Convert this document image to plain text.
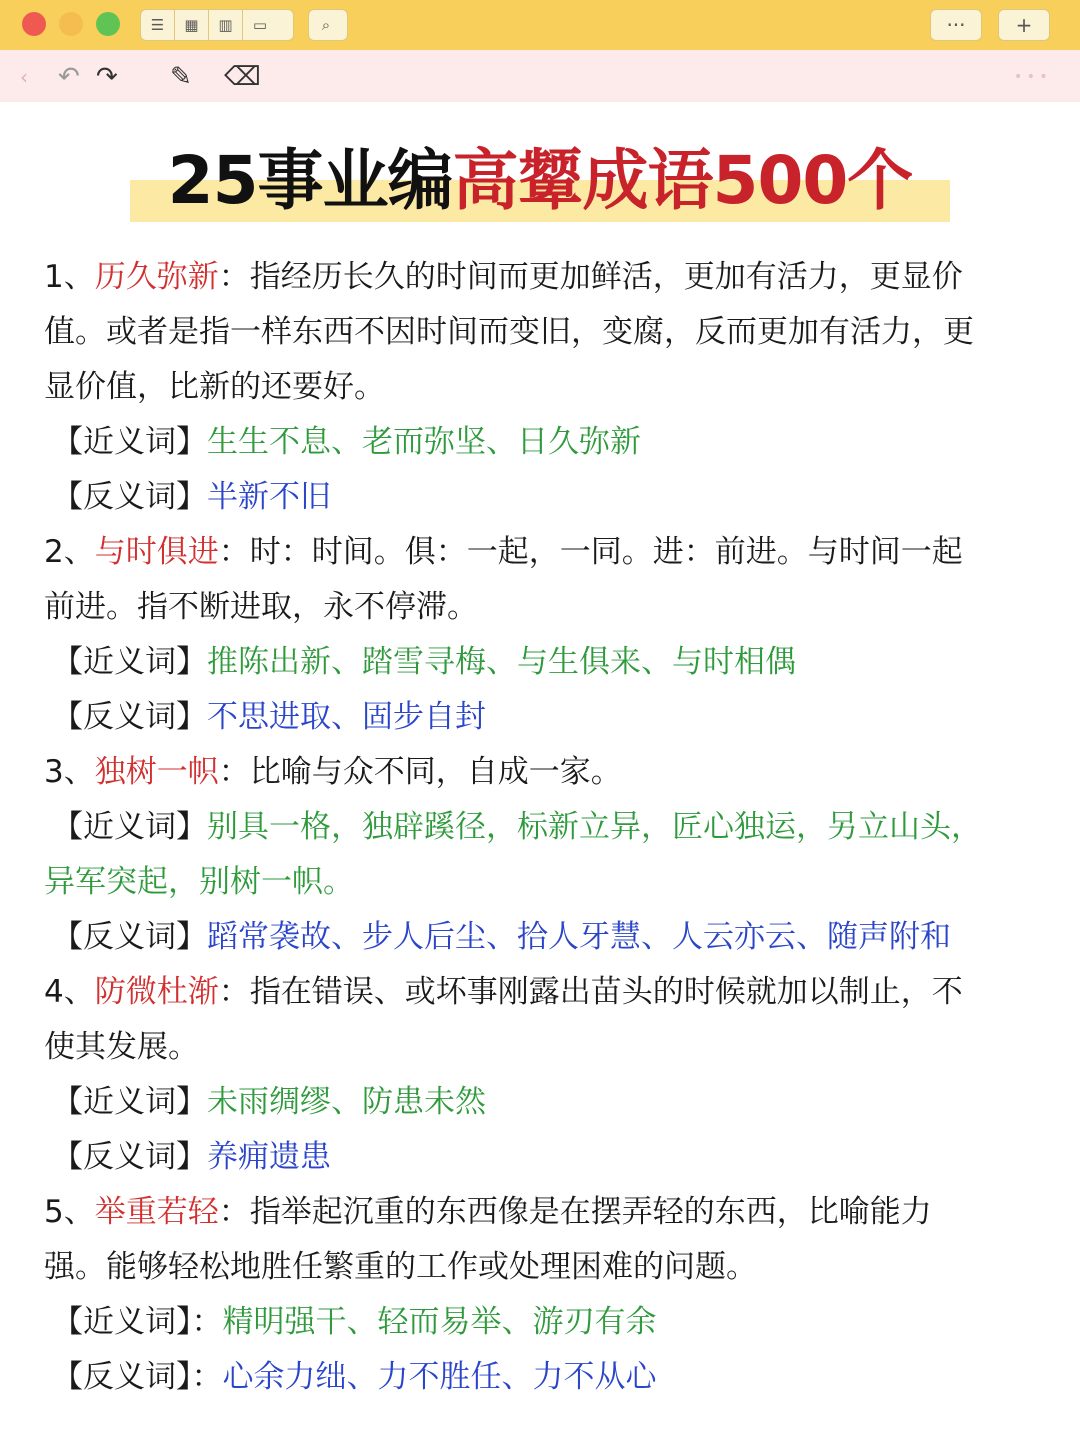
☰	▦	▥	▭	⌕	···	+
‹ ↶ ↷ ✎ ⌫	• • •
25事业编高颦成语500个
1、历久弥新：指经历长久的时间而更加鲜活，更加有活力，更显价
值。或者是指一样东西不因时间而变旧，变腐，反而更加有活力，更
显价值，比新的还要好。
【近义词】生生不息、老而弥坚、日久弥新
【反义词】半新不旧
2、与时俱进：时：时间。俱：一起，一同。进：前进。与时间一起
前进。指不断进取，永不停滞。
【近义词】推陈出新、踏雪寻梅、与生俱来、与时相偶
【反义词】不思进取、固步自封
3、独树一帜：比喻与众不同，自成一家。
【近义词】别具一格，独辟蹊径，标新立异，匠心独运，另立山头，
异军突起，别树一帜。
【反义词】蹈常袭故、步人后尘、拾人牙慧、人云亦云、随声附和
4、防微杜渐：指在错误、或坏事刚露出苗头的时候就加以制止，不
使其发展。
【近义词】未雨绸缪、防患未然
【反义词】养痈遗患
5、举重若轻：指举起沉重的东西像是在摆弄轻的东西，比喻能力
强。能够轻松地胜任繁重的工作或处理困难的问题。
【近义词】：精明强干、轻而易举、游刃有余
【反义词】：心余力绌、力不胜任、力不从心
